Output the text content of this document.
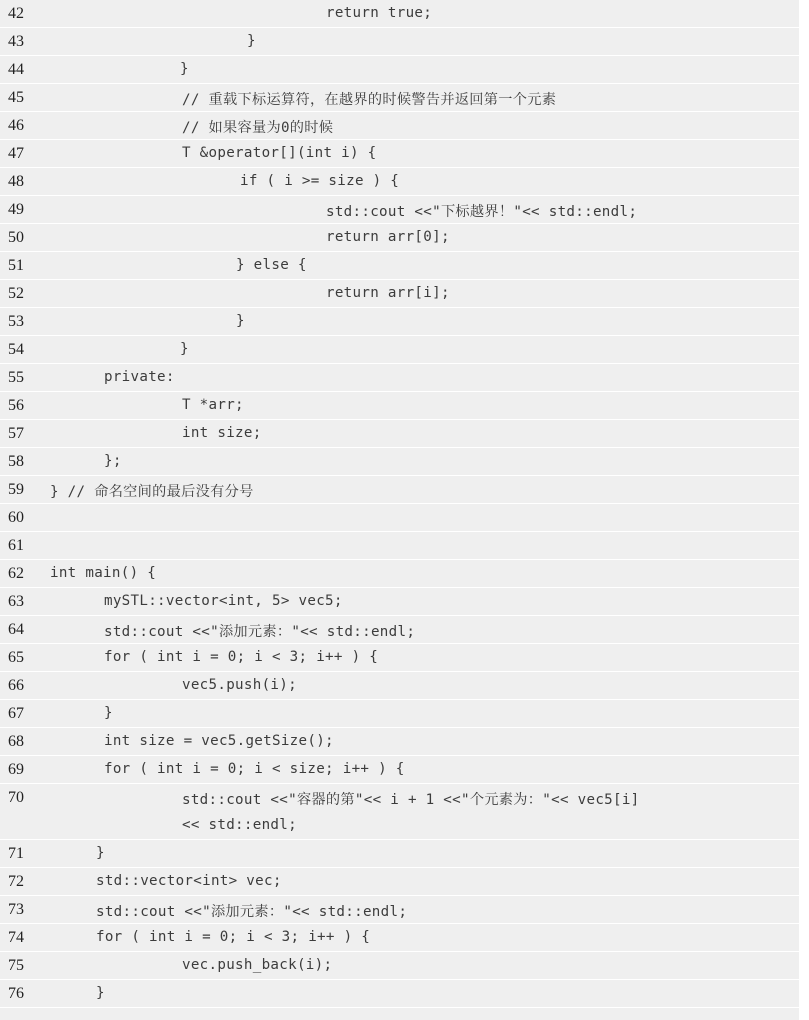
42	return true;
43	}
44	}
45	// 重载下标运算符，在越界的时候警告并返回第一个元素
46	// 如果容量为0的时候
47	T &operator[](int i) {
48	if ( i >= size ) {
49	std::cout <<"下标越界！"<< std::endl;
50	return arr[0];
51	} else {
52	return arr[i];
53	}
54	}
55	private:
56	T *arr;
57	int size;
58	};
59 } // 命名空间的最后没有分号
60
61
62 int main() {
63	mySTL::vector<int, 5> vec5;
64	std::cout <<"添加元素："<< std::endl;
65	for ( int i = 0; i < 3; i++ ) {
66	vec5.push(i);
67	}
68	int size = vec5.getSize();
69	for ( int i = 0; i < size; i++ ) {
70	std::cout <<"容器的第"<< i + 1 <<"个元素为："<< vec5[i]
<< std::endl;
71	}
72	std::vector<int> vec;
73	std::cout <<"添加元素："<< std::endl;
74	for ( int i = 0; i < 3; i++ ) {
75	vec.push_back(i);
76	}
